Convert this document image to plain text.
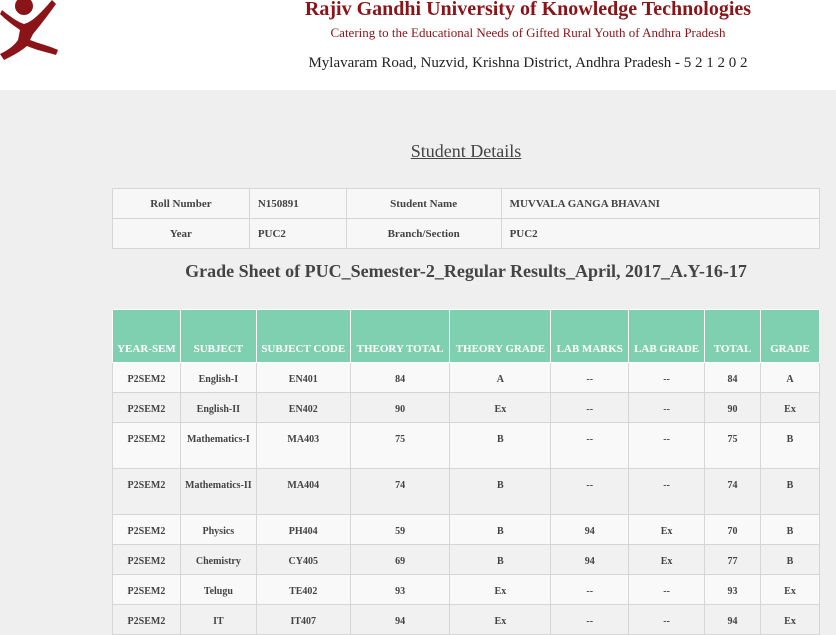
Rajiv Gandhi University of Knowledge Technologies
Catering to the Educational Needs of Gifted Rural Youth of Andhra Pradesh
Mylavaram Road, Nuzvid, Krishna District, Andhra Pradesh - 5 2 1 2 0 2
Student Details
Roll Number	N150891	Student Name	MUVVALA GANGA BHAVANI
Year	PUC2	Branch/Section	PUC2
Grade Sheet of PUC_Semester-2_Regular Results_April, 2017_A.Y-16-17
YEAR-SEM	SUBJECT	SUBJECT CODE	THEORY TOTAL	THEORY GRADE	LAB MARKS	LAB GRADE	TOTAL	GRADE
P2SEM2	English-I	EN401	84	A	--	--	84	A
P2SEM2	English-II	EN402	90	Ex	--	--	90	Ex
P2SEM2	Mathematics-I	MA403	75	B	--	--	75	B
P2SEM2	Mathematics-II	MA404	74	B	--	--	74	B
P2SEM2	Physics	PH404	59	B	94	Ex	70	B
P2SEM2	Chemistry	CY405	69	B	94	Ex	77	B
P2SEM2	Telugu	TE402	93	Ex	--	--	93	Ex
P2SEM2	IT	IT407	94	Ex	--	--	94	Ex
